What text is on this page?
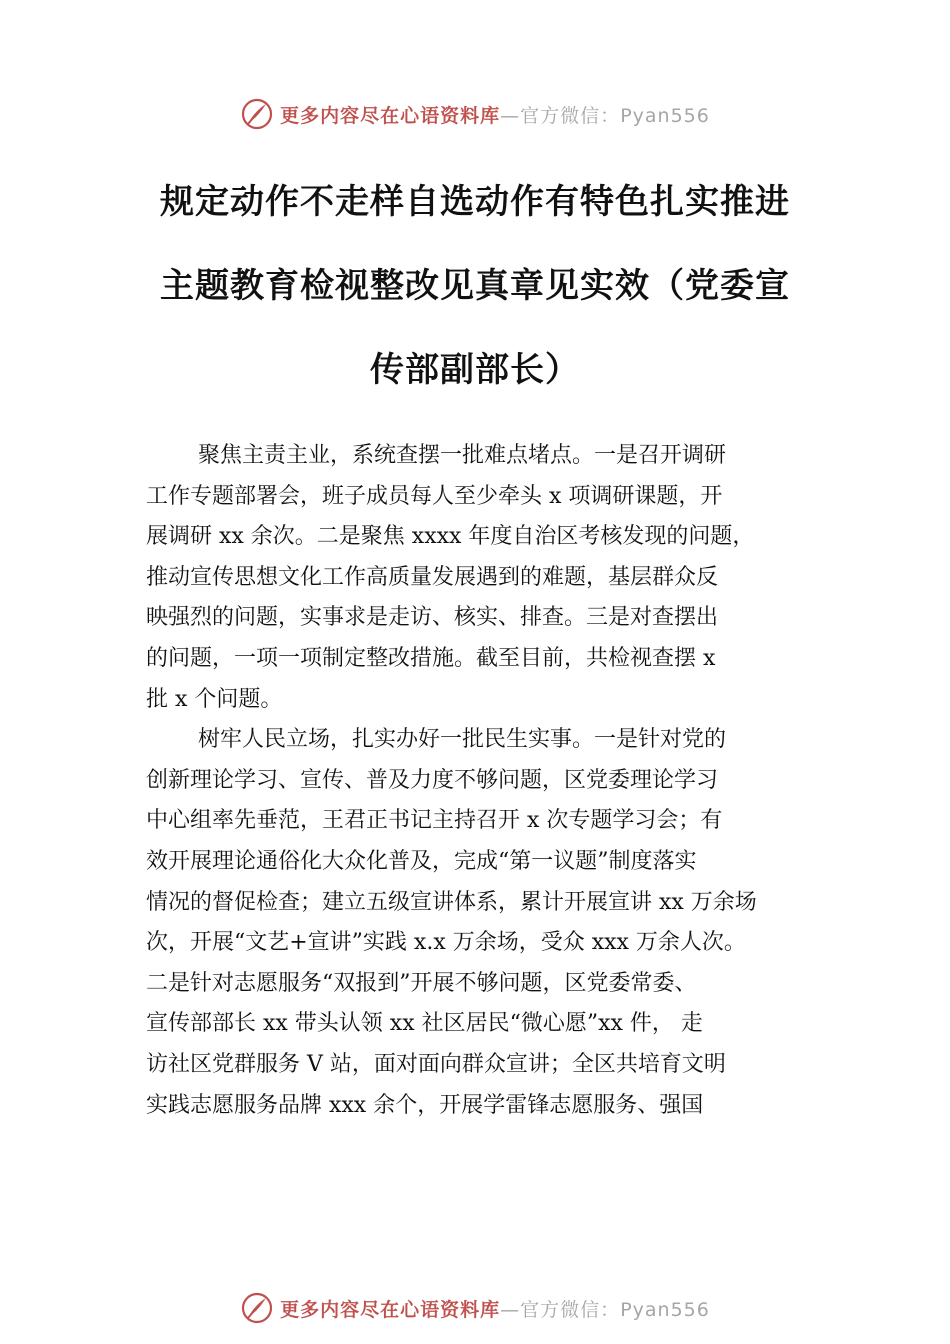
更多内容尽在心语资料库—官方微信：Pyan556
规定动作不走样自选动作有特色扎实推进
主题教育检视整改见真章见实效（党委宣
传部副部长）
聚焦主责主业，系统查摆一批难点堵点。一是召开调研
工作专题部署会，班子成员每人至少牵头 x 项调研课题，开
展调研 xx 余次。二是聚焦 xxxx 年度自治区考核发现的问题，
推动宣传思想文化工作高质量发展遇到的难题，基层群众反
映强烈的问题，实事求是走访、核实、排查。三是对查摆出
的问题，一项一项制定整改措施。截至目前，共检视查摆 x
批 x 个问题。
树牢人民立场，扎实办好一批民生实事。一是针对党的
创新理论学习、宣传、普及力度不够问题，区党委理论学习
中心组率先垂范，王君正书记主持召开 x 次专题学习会；有
效开展理论通俗化大众化普及，完成“第一议题”制度落实
情况的督促检查；建立五级宣讲体系，累计开展宣讲 xx 万余场
次，开展“文艺+宣讲”实践 x.x 万余场，受众 xxx 万余人次。
二是针对志愿服务“双报到”开展不够问题，区党委常委、
宣传部部长 xx 带头认领 xx 社区居民“微心愿”xx 件， 走
访社区党群服务 V 站，面对面向群众宣讲；全区共培育文明
实践志愿服务品牌 xxx 余个，开展学雷锋志愿服务、强国
更多内容尽在心语资料库—官方微信：Pyan556
